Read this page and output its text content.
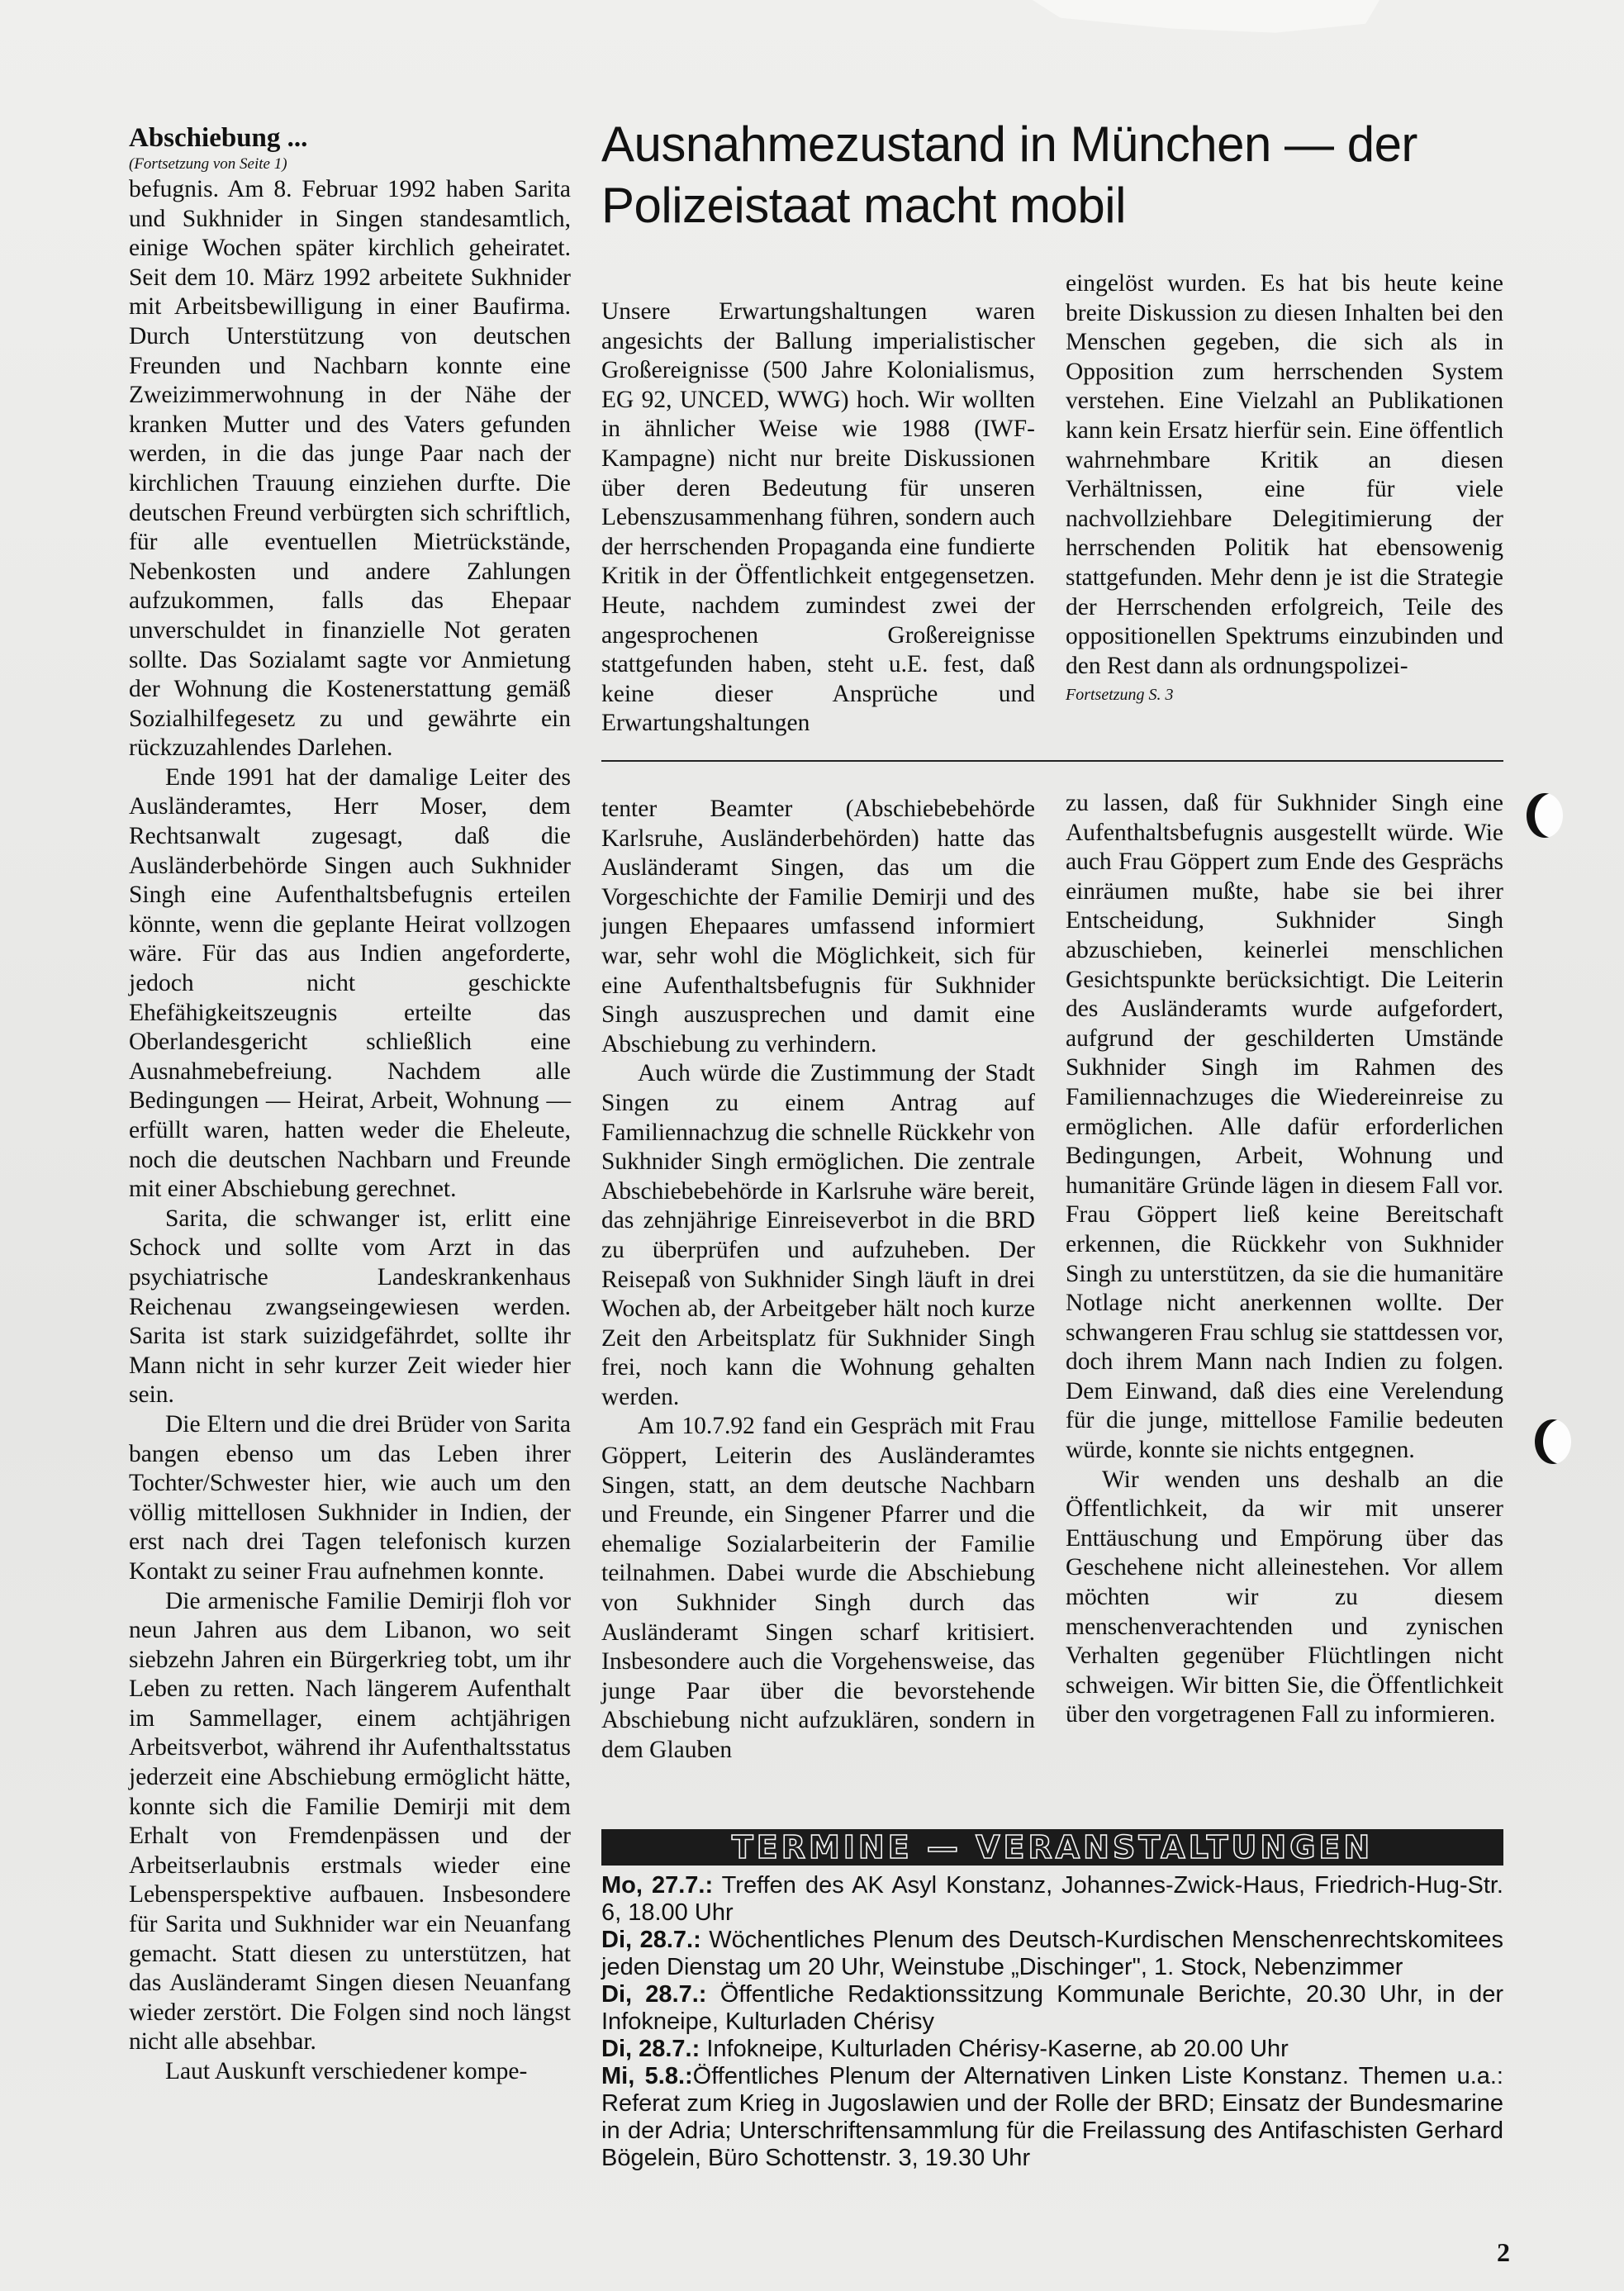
Abschiebung ...

(Fortsetzung von Seite 1)

befugnis. Am 8. Februar 1992 haben Sarita und Sukhnider in Singen standesamtlich, einige Wochen später kirchlich geheiratet. Seit dem 10. März 1992 arbeitete Sukhnider mit Arbeitsbewilligung in einer Baufirma. Durch Unterstützung von deutschen Freunden und Nachbarn konnte eine Zweizimmerwohnung in der Nähe der kranken Mutter und des Vaters gefunden werden, in die das junge Paar nach der kirchlichen Trauung einziehen durfte. Die deutschen Freund verbürgten sich schriftlich, für alle eventuellen Mietrückstände, Nebenkosten und andere Zahlungen aufzukommen, falls das Ehepaar unverschuldet in finanzielle Not geraten sollte. Das Sozialamt sagte vor Anmietung der Wohnung die Kostenerstattung gemäß Sozialhilfegesetz zu und gewährte ein rückzuzahlendes Darlehen.

Ende 1991 hat der damalige Leiter des Ausländeramtes, Herr Moser, dem Rechtsanwalt zugesagt, daß die Ausländerbehörde Singen auch Sukhnider Singh eine Aufenthaltsbefugnis erteilen könnte, wenn die geplante Heirat vollzogen wäre. Für das aus Indien angeforderte, jedoch nicht geschickte Ehefähigkeitszeugnis erteilte das Oberlandesgericht schließlich eine Ausnahmebefreiung. Nachdem alle Bedingungen — Heirat, Arbeit, Wohnung — erfüllt waren, hatten weder die Eheleute, noch die deutschen Nachbarn und Freunde mit einer Abschiebung gerechnet.

Sarita, die schwanger ist, erlitt eine Schock und sollte vom Arzt in das psychiatrische Landeskrankenhaus Reichenau zwangseingewiesen werden. Sarita ist stark suizidgefährdet, sollte ihr Mann nicht in sehr kurzer Zeit wieder hier sein.

Die Eltern und die drei Brüder von Sarita bangen ebenso um das Leben ihrer Tochter/Schwester hier, wie auch um den völlig mittellosen Sukhnider in Indien, der erst nach drei Tagen telefonisch kurzen Kontakt zu seiner Frau aufnehmen konnte.

Die armenische Familie Demirji floh vor neun Jahren aus dem Libanon, wo seit siebzehn Jahren ein Bürgerkrieg tobt, um ihr Leben zu retten. Nach längerem Aufenthalt im Sammellager, einem achtjährigen Arbeitsverbot, während ihr Aufenthaltsstatus jederzeit eine Abschiebung ermöglicht hätte, konnte sich die Familie Demirji mit dem Erhalt von Fremdenpässen und der Arbeitserlaubnis erstmals wieder eine Lebensperspektive aufbauen. Insbesondere für Sarita und Sukhnider war ein Neuanfang gemacht. Statt diesen zu unterstützen, hat das Ausländeramt Singen diesen Neuanfang wieder zerstört. Die Folgen sind noch längst nicht alle absehbar.

Laut Auskunft verschiedener kompe-

Ausnahmezustand in München — der Polizeistaat macht mobil

Unsere Erwartungshaltungen waren angesichts der Ballung imperialistischer Großereignisse (500 Jahre Kolonialismus, EG 92, UNCED, WWG) hoch. Wir wollten in ähnlicher Weise wie 1988 (IWF-Kampagne) nicht nur breite Diskussionen über deren Bedeutung für unseren Lebenszusammenhang führen, sondern auch der herrschenden Propaganda eine fundierte Kritik in der Öffentlichkeit entgegensetzen. Heute, nachdem zumindest zwei der angesprochenen Großereignisse stattgefunden haben, steht u.E. fest, daß keine dieser Ansprüche und Erwartungshaltungen

eingelöst wurden. Es hat bis heute keine breite Diskussion zu diesen Inhalten bei den Menschen gegeben, die sich als in Opposition zum herrschenden System verstehen. Eine Vielzahl an Publikationen kann kein Ersatz hierfür sein. Eine öffentlich wahrnehmbare Kritik an diesen Verhältnissen, eine für viele nachvollziehbare Delegitimierung der herrschenden Politik hat ebensowenig stattgefunden. Mehr denn je ist die Strategie der Herrschenden erfolgreich, Teile des oppositionellen Spektrums einzubinden und den Rest dann als ordnungspolizei-

Fortsetzung S. 3

tenter Beamter (Abschiebebehörde Karlsruhe, Ausländerbehörden) hatte das Ausländeramt Singen, das um die Vorgeschichte der Familie Demirji und des jungen Ehepaares umfassend informiert war, sehr wohl die Möglichkeit, sich für eine Aufenthaltsbefugnis für Sukhnider Singh auszusprechen und damit eine Abschiebung zu verhindern.

Auch würde die Zustimmung der Stadt Singen zu einem Antrag auf Familiennachzug die schnelle Rückkehr von Sukhnider Singh ermöglichen. Die zentrale Abschiebebehörde in Karlsruhe wäre bereit, das zehnjährige Einreiseverbot in die BRD zu überprüfen und aufzuheben. Der Reisepaß von Sukhnider Singh läuft in drei Wochen ab, der Arbeitgeber hält noch kurze Zeit den Arbeitsplatz für Sukhnider Singh frei, noch kann die Wohnung gehalten werden.

Am 10.7.92 fand ein Gespräch mit Frau Göppert, Leiterin des Ausländeramtes Singen, statt, an dem deutsche Nachbarn und Freunde, ein Singener Pfarrer und die ehemalige Sozialarbeiterin der Familie teilnahmen. Dabei wurde die Abschiebung von Sukhnider Singh durch das Ausländeramt Singen scharf kritisiert. Insbesondere auch die Vorgehensweise, das junge Paar über die bevorstehende Abschiebung nicht aufzuklären, sondern in dem Glauben

zu lassen, daß für Sukhnider Singh eine Aufenthaltsbefugnis ausgestellt würde. Wie auch Frau Göppert zum Ende des Gesprächs einräumen mußte, habe sie bei ihrer Entscheidung, Sukhnider Singh abzuschieben, keinerlei menschlichen Gesichtspunkte berücksichtigt. Die Leiterin des Ausländeramts wurde aufgefordert, aufgrund der geschilderten Umstände Sukhnider Singh im Rahmen des Familiennachzuges die Wiedereinreise zu ermöglichen. Alle dafür erforderlichen Bedingungen, Arbeit, Wohnung und humanitäre Gründe lägen in diesem Fall vor. Frau Göppert ließ keine Bereitschaft erkennen, die Rückkehr von Sukhnider Singh zu unterstützen, da sie die humanitäre Notlage nicht anerkennen wollte. Der schwangeren Frau schlug sie stattdessen vor, doch ihrem Mann nach Indien zu folgen. Dem Einwand, daß dies eine Verelendung für die junge, mittellose Familie bedeuten würde, konnte sie nichts entgegnen.

Wir wenden uns deshalb an die Öffentlichkeit, da wir mit unserer Enttäuschung und Empörung über das Geschehene nicht alleinestehen. Vor allem möchten wir zu diesem menschenverachtenden und zynischen Verhalten gegenüber Flüchtlingen nicht schweigen. Wir bitten Sie, die Öffentlichkeit über den vorgetragenen Fall zu informieren.

TERMINE — VERANSTALTUNGEN

Mo, 27.7.: Treffen des AK Asyl Konstanz, Johannes-Zwick-Haus, Friedrich-Hug-Str. 6, 18.00 Uhr

Di, 28.7.: Wöchentliches Plenum des Deutsch-Kurdischen Menschenrechtskomitees jeden Dienstag um 20 Uhr, Weinstube „Dischinger", 1. Stock, Nebenzimmer

Di, 28.7.: Öffentliche Redaktionssitzung Kommunale Berichte, 20.30 Uhr, in der Infokneipe, Kulturladen Chérisy

Di, 28.7.: Infokneipe, Kulturladen Chérisy-Kaserne, ab 20.00 Uhr

Mi, 5.8.:Öffentliches Plenum der Alternativen Linken Liste Konstanz. Themen u.a.: Referat zum Krieg in Jugoslawien und der Rolle der BRD; Einsatz der Bundesmarine in der Adria; Unterschriftensammlung für die Freilassung des Antifaschisten Gerhard Bögelein, Büro Schottenstr. 3, 19.30 Uhr

2
